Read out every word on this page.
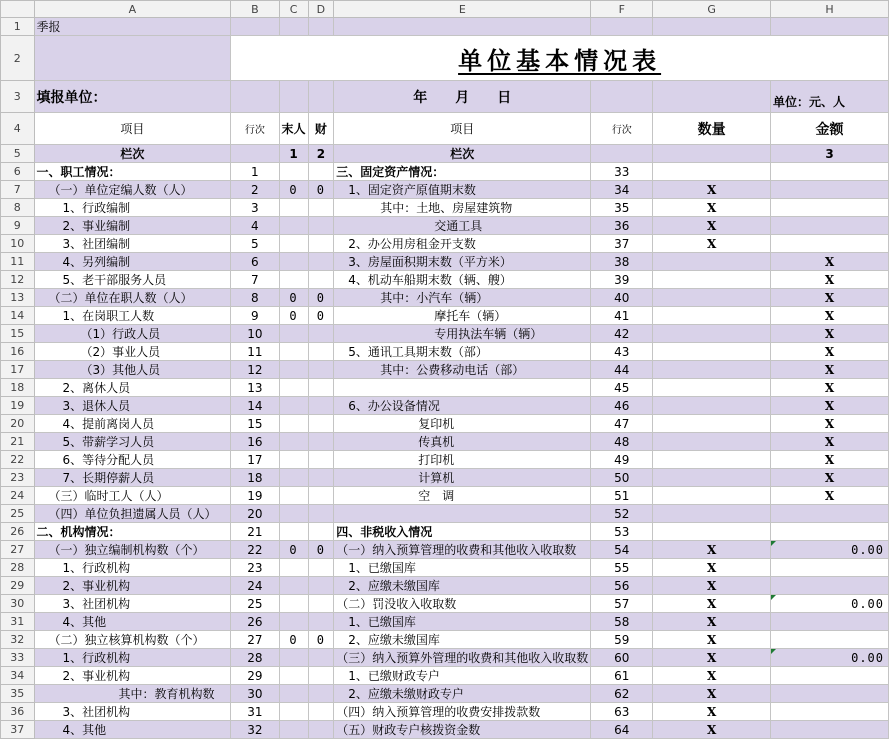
	A	B	C	D	E	F	G	H
1	季报							
2		单位基本情况表						
3	填报单位：				年　　月　　日			单位：元、人
4	项目	行次	末人	财	项目	行次	数量	金额
5	栏次		1	2	栏次			3
6	一、职工情况：	1			三、固定资产情况：	33		
7	（一）单位定编人数（人）	2	0	0	1、固定资产原值期末数	34	X	
8	1、行政编制	3			其中：土地、房屋建筑物	35	X	
9	2、事业编制	4			交通工具	36	X	
10	3、社团编制	5			2、办公用房租金开支数	37	X	
11	4、另列编制	6			3、房屋面积期末数（平方米）	38		X
12	5、老干部服务人员	7			4、机动车船期末数（辆、艘）	39		X
13	（二）单位在职人数（人）	8	0	0	其中：小汽车（辆）	40		X
14	1、在岗职工人数	9	0	0	摩托车（辆）	41		X
15	（1）行政人员	10			专用执法车辆（辆）	42		X
16	（2）事业人员	11			5、通讯工具期末数（部）	43		X
17	（3）其他人员	12			其中：公费移动电话（部）	44		X
18	2、离休人员	13				45		X
19	3、退休人员	14			6、办公设备情况	46		X
20	4、提前离岗人员	15			复印机	47		X
21	5、带薪学习人员	16			传真机	48		X
22	6、等待分配人员	17			打印机	49		X
23	7、长期停薪人员	18			计算机	50		X
24	（三）临时工人（人）	19			空　调	51		X
25	（四）单位负担遗属人员（人）	20				52		
26	二、机构情况：	21			四、非税收入情况	53		
27	（一）独立编制机构数（个）	22	0	0	（一）纳入预算管理的收费和其他收入收取数	54	X	0.00
28	1、行政机构	23			1、已缴国库	55	X	
29	2、事业机构	24			2、应缴未缴国库	56	X	
30	3、社团机构	25			（二）罚没收入收取数	57	X	0.00
31	4、其他	26			1、已缴国库	58	X	
32	（二）独立核算机构数（个）	27	0	0	2、应缴未缴国库	59	X	
33	1、行政机构	28			（三）纳入预算外管理的收费和其他收入收取数	60	X	0.00
34	2、事业机构	29			1、已缴财政专户	61	X	
35	其中：教育机构数	30			2、应缴未缴财政专户	62	X	
36	3、社团机构	31			（四）纳入预算管理的收费安排拨款数	63	X	
37	4、其他	32			（五）财政专户核拨资金数	64	X	
